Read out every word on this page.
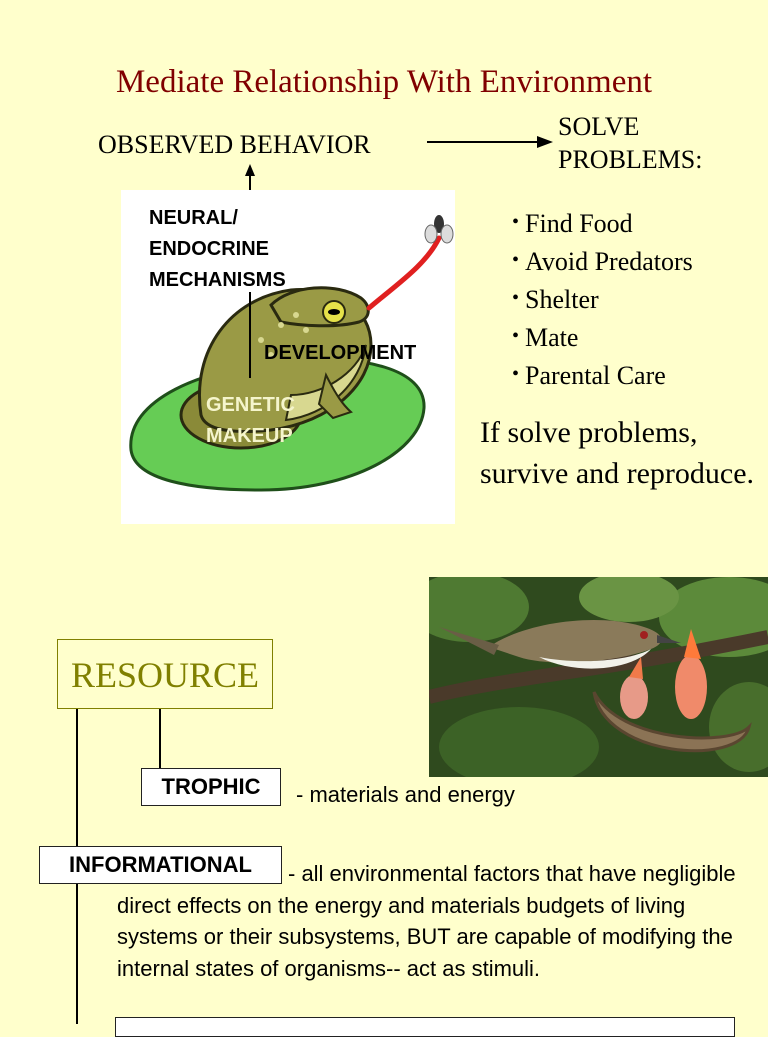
Mediate Relationship With Environment
OBSERVED BEHAVIOR
SOLVE
PROBLEMS:
• Find Food
• Avoid Predators
• Shelter
• Mate
• Parental Care
If solve problems, survive and reproduce.
NEURAL/
ENDOCRINE
MECHANISMS
DEVELOPMENT
GENETIC
MAKEUP
RESOURCE
TROPHIC	- materials and energy
INFORMATIONAL	- all environmental factors that have negligible direct effects on the energy and materials budgets of living systems or their subsystems, BUT are capable of modifying the internal states of organisms-- act as stimuli.
